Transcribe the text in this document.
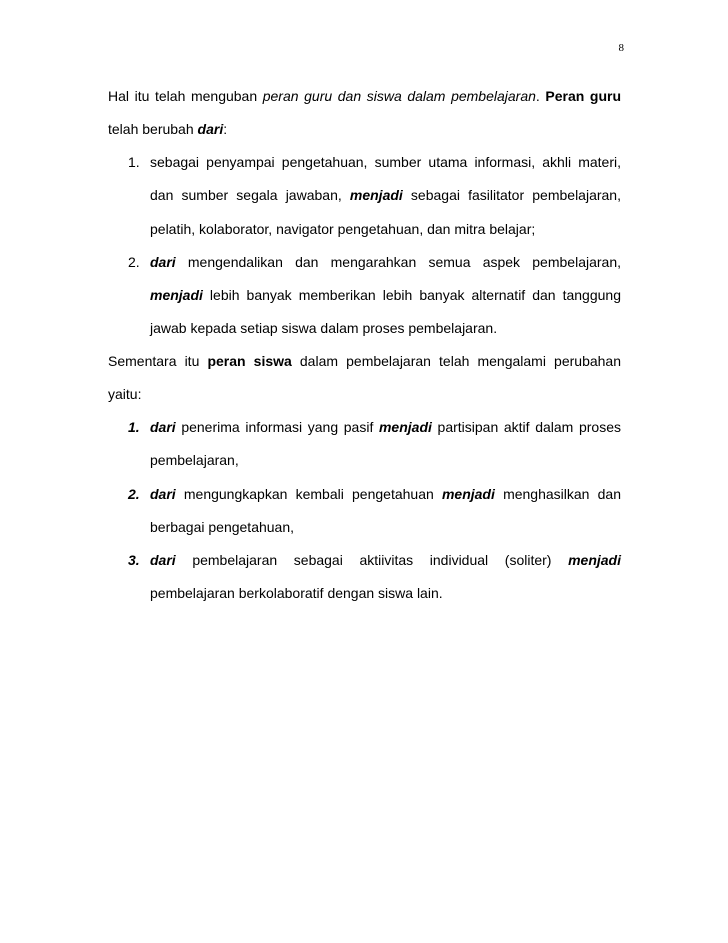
8
Hal itu telah menguban peran guru dan siswa dalam pembelajaran. Peran guru
telah berubah dari:
1. sebagai penyampai pengetahuan, sumber utama informasi, akhli materi,
dan sumber segala jawaban, menjadi sebagai fasilitator pembelajaran,
pelatih, kolaborator, navigator pengetahuan, dan mitra belajar;
2. dari mengendalikan dan mengarahkan semua aspek pembelajaran,
menjadi lebih banyak memberikan lebih banyak alternatif dan tanggung
jawab kepada setiap siswa dalam proses pembelajaran.
Sementara itu peran siswa dalam pembelajaran telah mengalami perubahan
yaitu:
1. dari penerima informasi yang pasif menjadi partisipan aktif dalam proses
pembelajaran,
2. dari mengungkapkan kembali pengetahuan menjadi menghasilkan dan
berbagai pengetahuan,
3. dari pembelajaran sebagai aktiivitas individual (soliter) menjadi
pembelajaran berkolaboratif dengan siswa lain.
